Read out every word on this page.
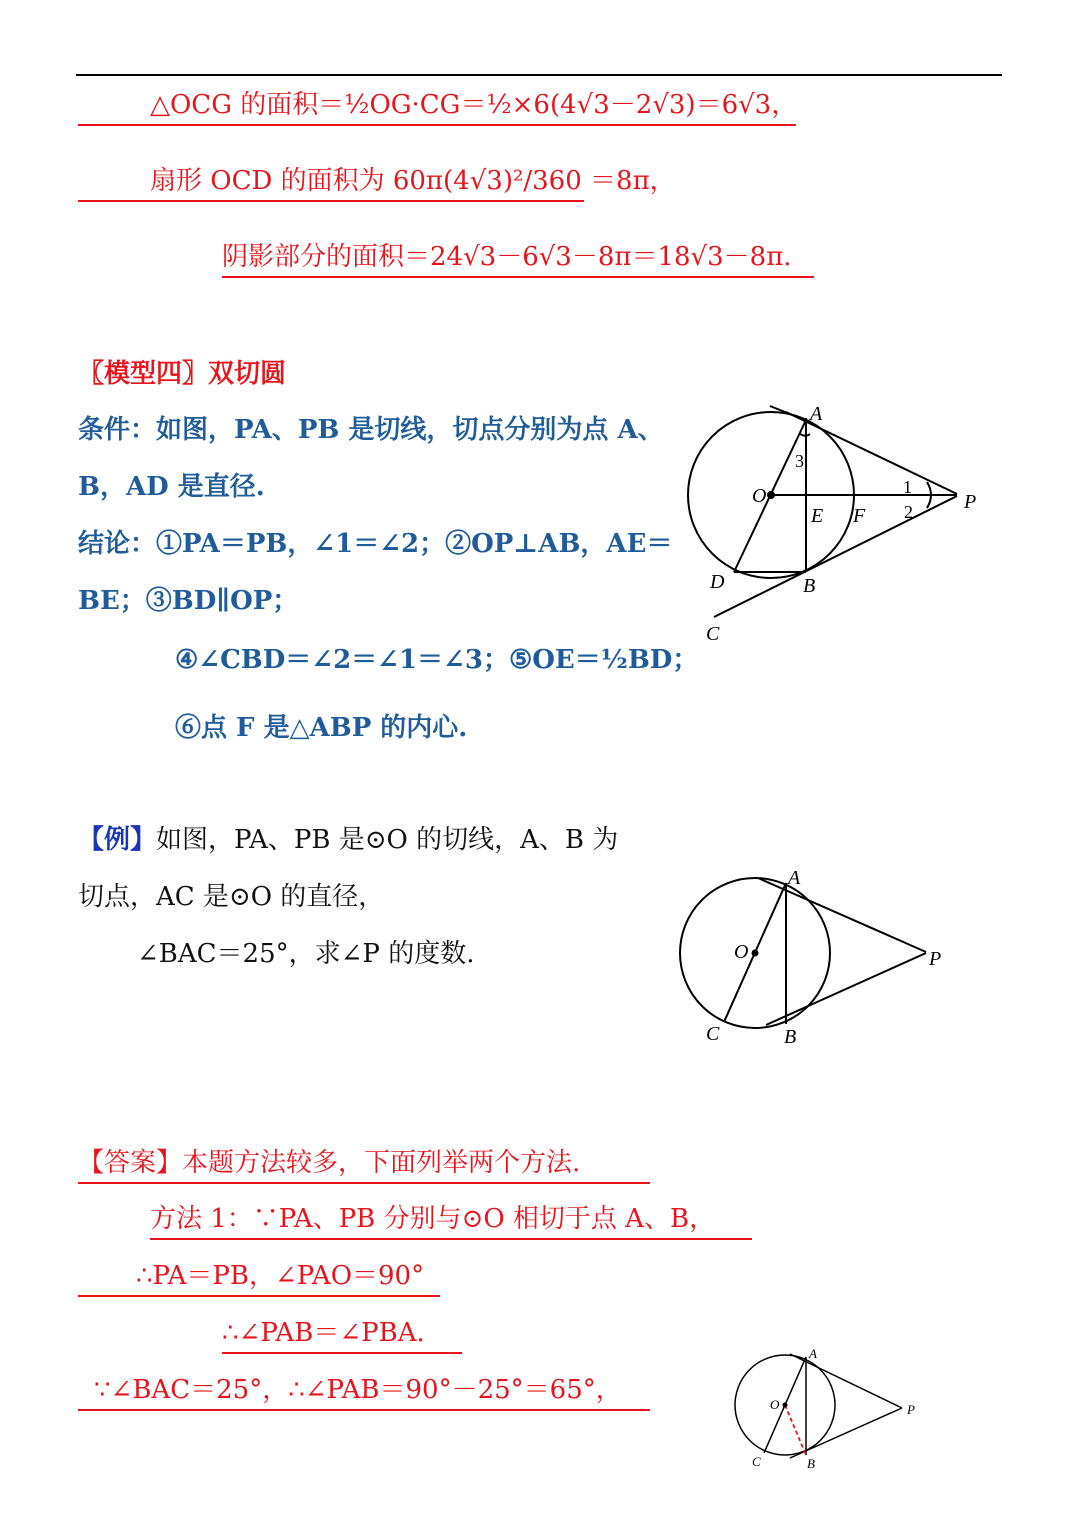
△OCG 的面积＝½OG·CG＝½×6(4√3－2√3)＝6√3，
扇形 OCD 的面积为 60π(4√3)²/360 ＝8π，
阴影部分的面积＝24√3－6√3－8π＝18√3－8π.
〖模型四〗双切圆
条件：如图，PA、PB 是切线，切点分别为点 A、
B，AD 是直径.
结论：①PA＝PB，∠1＝∠2；②OP⊥AB，AE＝
BE；③BD∥OP；
④∠CBD＝∠2＝∠1＝∠3；⑤OE＝½BD；
⑥点 F 是△ABP 的内心.
A
O
E F
P
D	B
C
1
2
3
【例】如图，PA、PB 是⊙O 的切线，A、B 为
切点，AC 是⊙O 的直径，
∠BAC＝25°，求∠P 的度数.
A
O	P
C	B
【答案】本题方法较多，下面列举两个方法.
方法 1：∵PA、PB 分别与⊙O 相切于点 A、B，
∴PA＝PB，∠PAO＝90°
∴∠PAB＝∠PBA.
∵∠BAC＝25°，∴∠PAB＝90°－25°＝65°，
A
O	P
C	B
